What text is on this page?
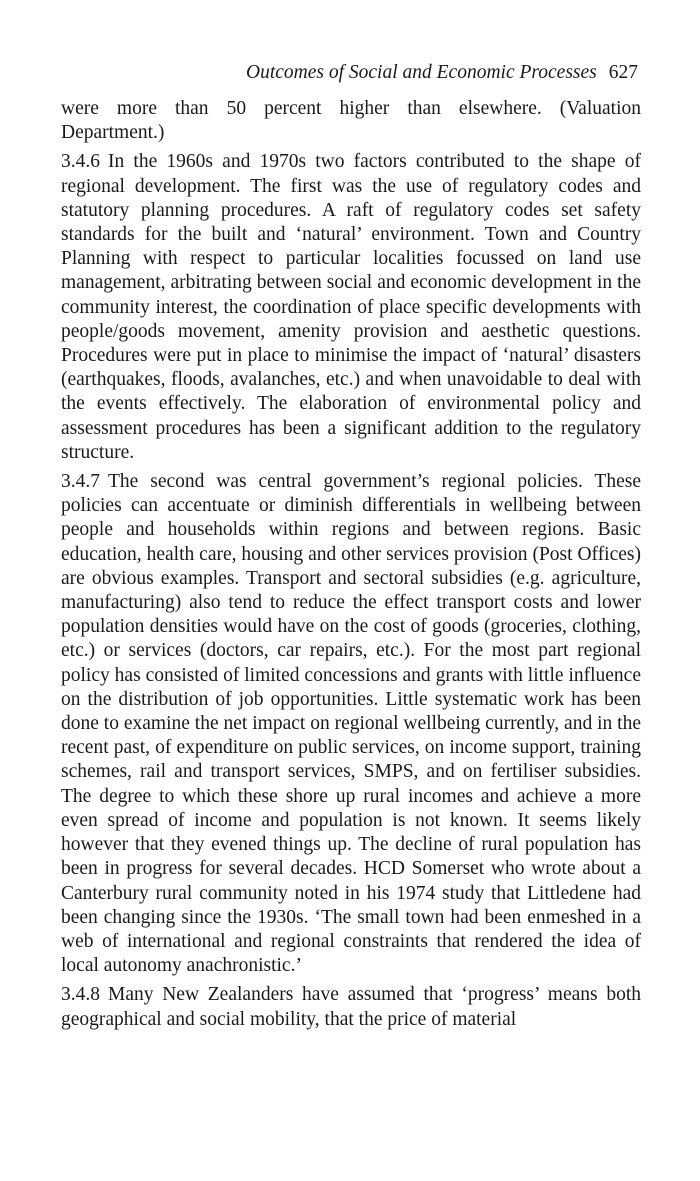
Outcomes of Social and Economic Processes 627

were more than 50 percent higher than elsewhere. (Valuation Department.)

3.4.6 In the 1960s and 1970s two factors contributed to the shape of regional development. The first was the use of regulatory codes and statutory planning procedures. A raft of regulatory codes set safety standards for the built and ‘natural’ environment. Town and Country Planning with respect to particular localities focussed on land use management, arbitrating between social and economic development in the community interest, the coordination of place specific developments with people/goods movement, amenity provision and aesthetic questions. Procedures were put in place to minimise the impact of ‘natural’ disasters (earthquakes, floods, avalanches, etc.) and when unavoidable to deal with the events effectively. The elaboration of environmental policy and assessment procedures has been a significant addition to the regulatory structure.

3.4.7 The second was central government’s regional policies. These policies can accentuate or diminish differentials in wellbeing between people and households within regions and between regions. Basic education, health care, housing and other services provision (Post Offices) are obvious examples. Transport and sectoral subsidies (e.g. agriculture, manufacturing) also tend to reduce the effect transport costs and lower population densities would have on the cost of goods (groceries, clothing, etc.) or services (doctors, car repairs, etc.). For the most part regional policy has consisted of limited concessions and grants with little influence on the distribution of job opportunities. Little systematic work has been done to examine the net impact on regional wellbeing currently, and in the recent past, of expenditure on public services, on income support, training schemes, rail and transport services, SMPS, and on fertiliser subsidies. The degree to which these shore up rural incomes and achieve a more even spread of income and population is not known. It seems likely however that they evened things up. The decline of rural population has been in progress for several decades. HCD Somerset who wrote about a Canterbury rural community noted in his 1974 study that Littledene had been changing since the 1930s. ‘The small town had been enmeshed in a web of international and regional constraints that rendered the idea of local autonomy anachronistic.’

3.4.8 Many New Zealanders have assumed that ‘progress’ means both geographical and social mobility, that the price of material
